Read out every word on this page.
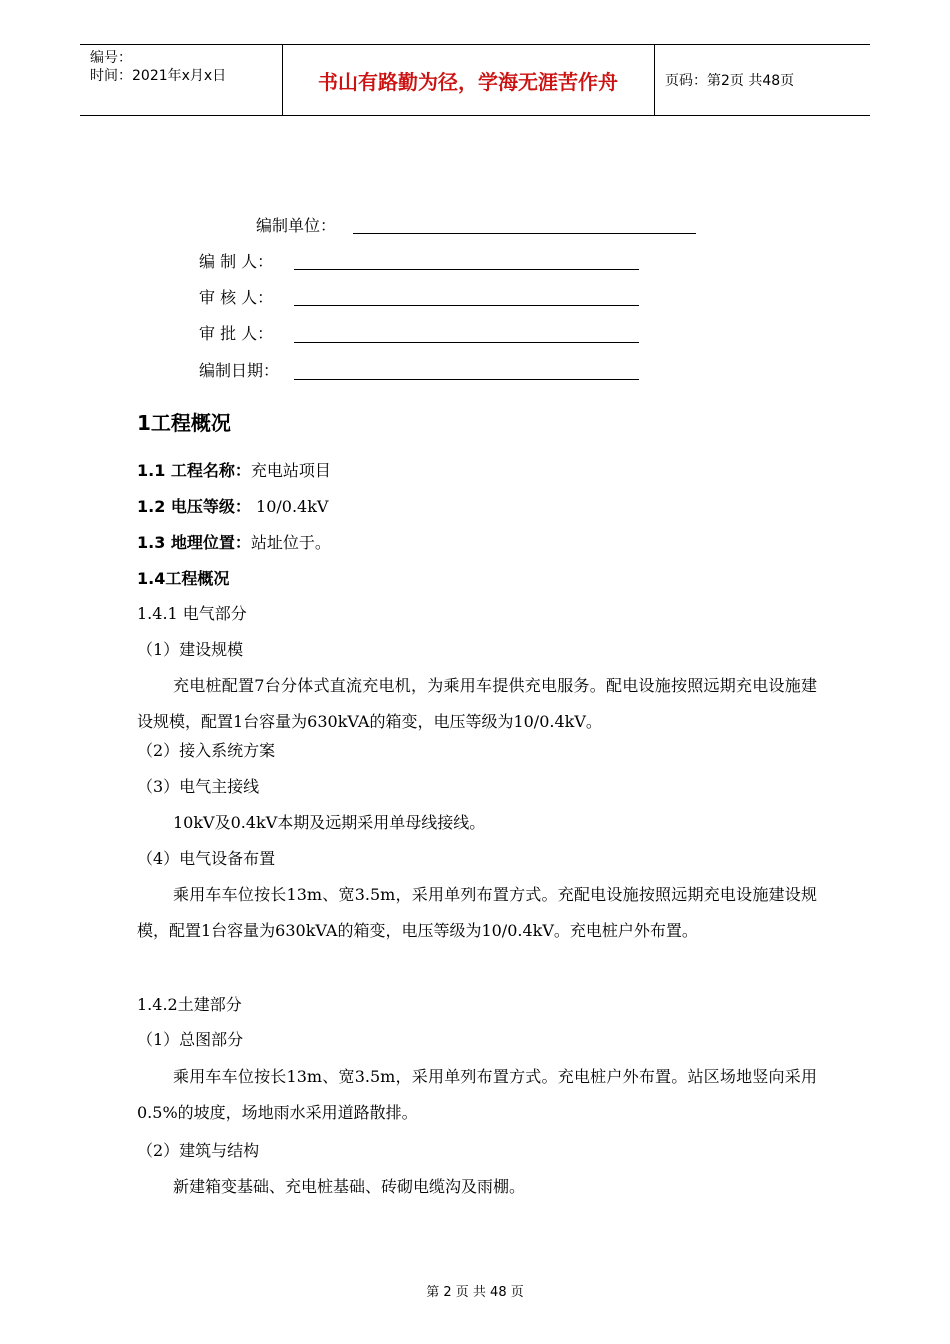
编号：
时间：2021年x月x日	书山有路勤为径，学海无涯苦作舟	页码：第2页 共48页
编制单位：
编 制 人：
审 核 人：
审 批 人：
编制日期：
1工程概况
1.1 工程名称：充电站项目
1.2 电压等级： 10/0.4kV
1.3 地理位置：站址位于。
1.4工程概况
1.4.1 电气部分
（1）建设规模
充电桩配置7台分体式直流充电机，为乘用车提供充电服务。配电设施按照远期充电设施建设规模，配置1台容量为630kVA的箱变，电压等级为10/0.4kV。
（2）接入系统方案
（3）电气主接线
10kV及0.4kV本期及远期采用单母线接线。
（4）电气设备布置
乘用车车位按长13m、宽3.5m，采用单列布置方式。充配电设施按照远期充电设施建设规模，配置1台容量为630kVA的箱变，电压等级为10/0.4kV。充电桩户外布置。
1.4.2土建部分
（1）总图部分
乘用车车位按长13m、宽3.5m，采用单列布置方式。充电桩户外布置。站区场地竖向采用0.5%的坡度，场地雨水采用道路散排。
（2）建筑与结构
新建箱变基础、充电桩基础、砖砌电缆沟及雨棚。
第 2 页 共 48 页
